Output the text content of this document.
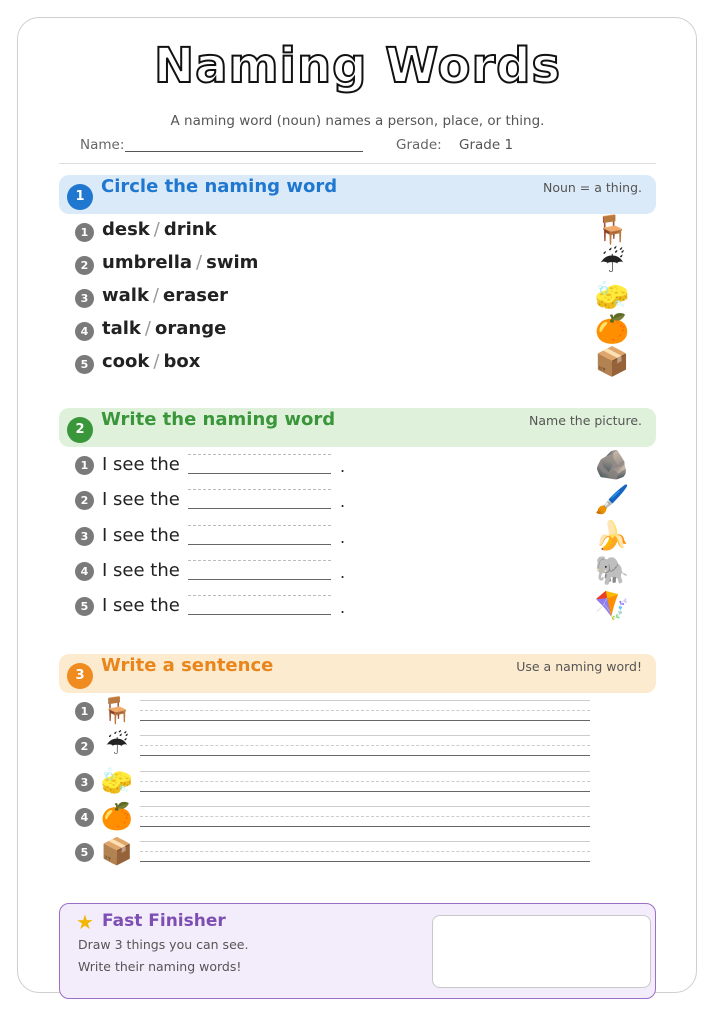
Naming Words
A naming word (noun) names a person, place, or thing.
Name:	Grade: Grade 1
1 Circle the naming word	Noun = a thing.
1 desk / drink	🪑
2 umbrella / swim	☔
3 walk / eraser	🧽
4 talk / orange	🍊
5 cook / box	📦
2 Write the naming word	Name the picture.
1 I see the	.	🪨
2 I see the	.	🖌️
3 I see the	.	🍌
4 I see the	.	🐘
5 I see the	.	🪁
3 Write a sentence	Use a naming word!
1 🪑
2 ☔
3 🧽
4 🍊
5 📦
★ Fast Finisher
Draw 3 things you can see.
Write their naming words!
